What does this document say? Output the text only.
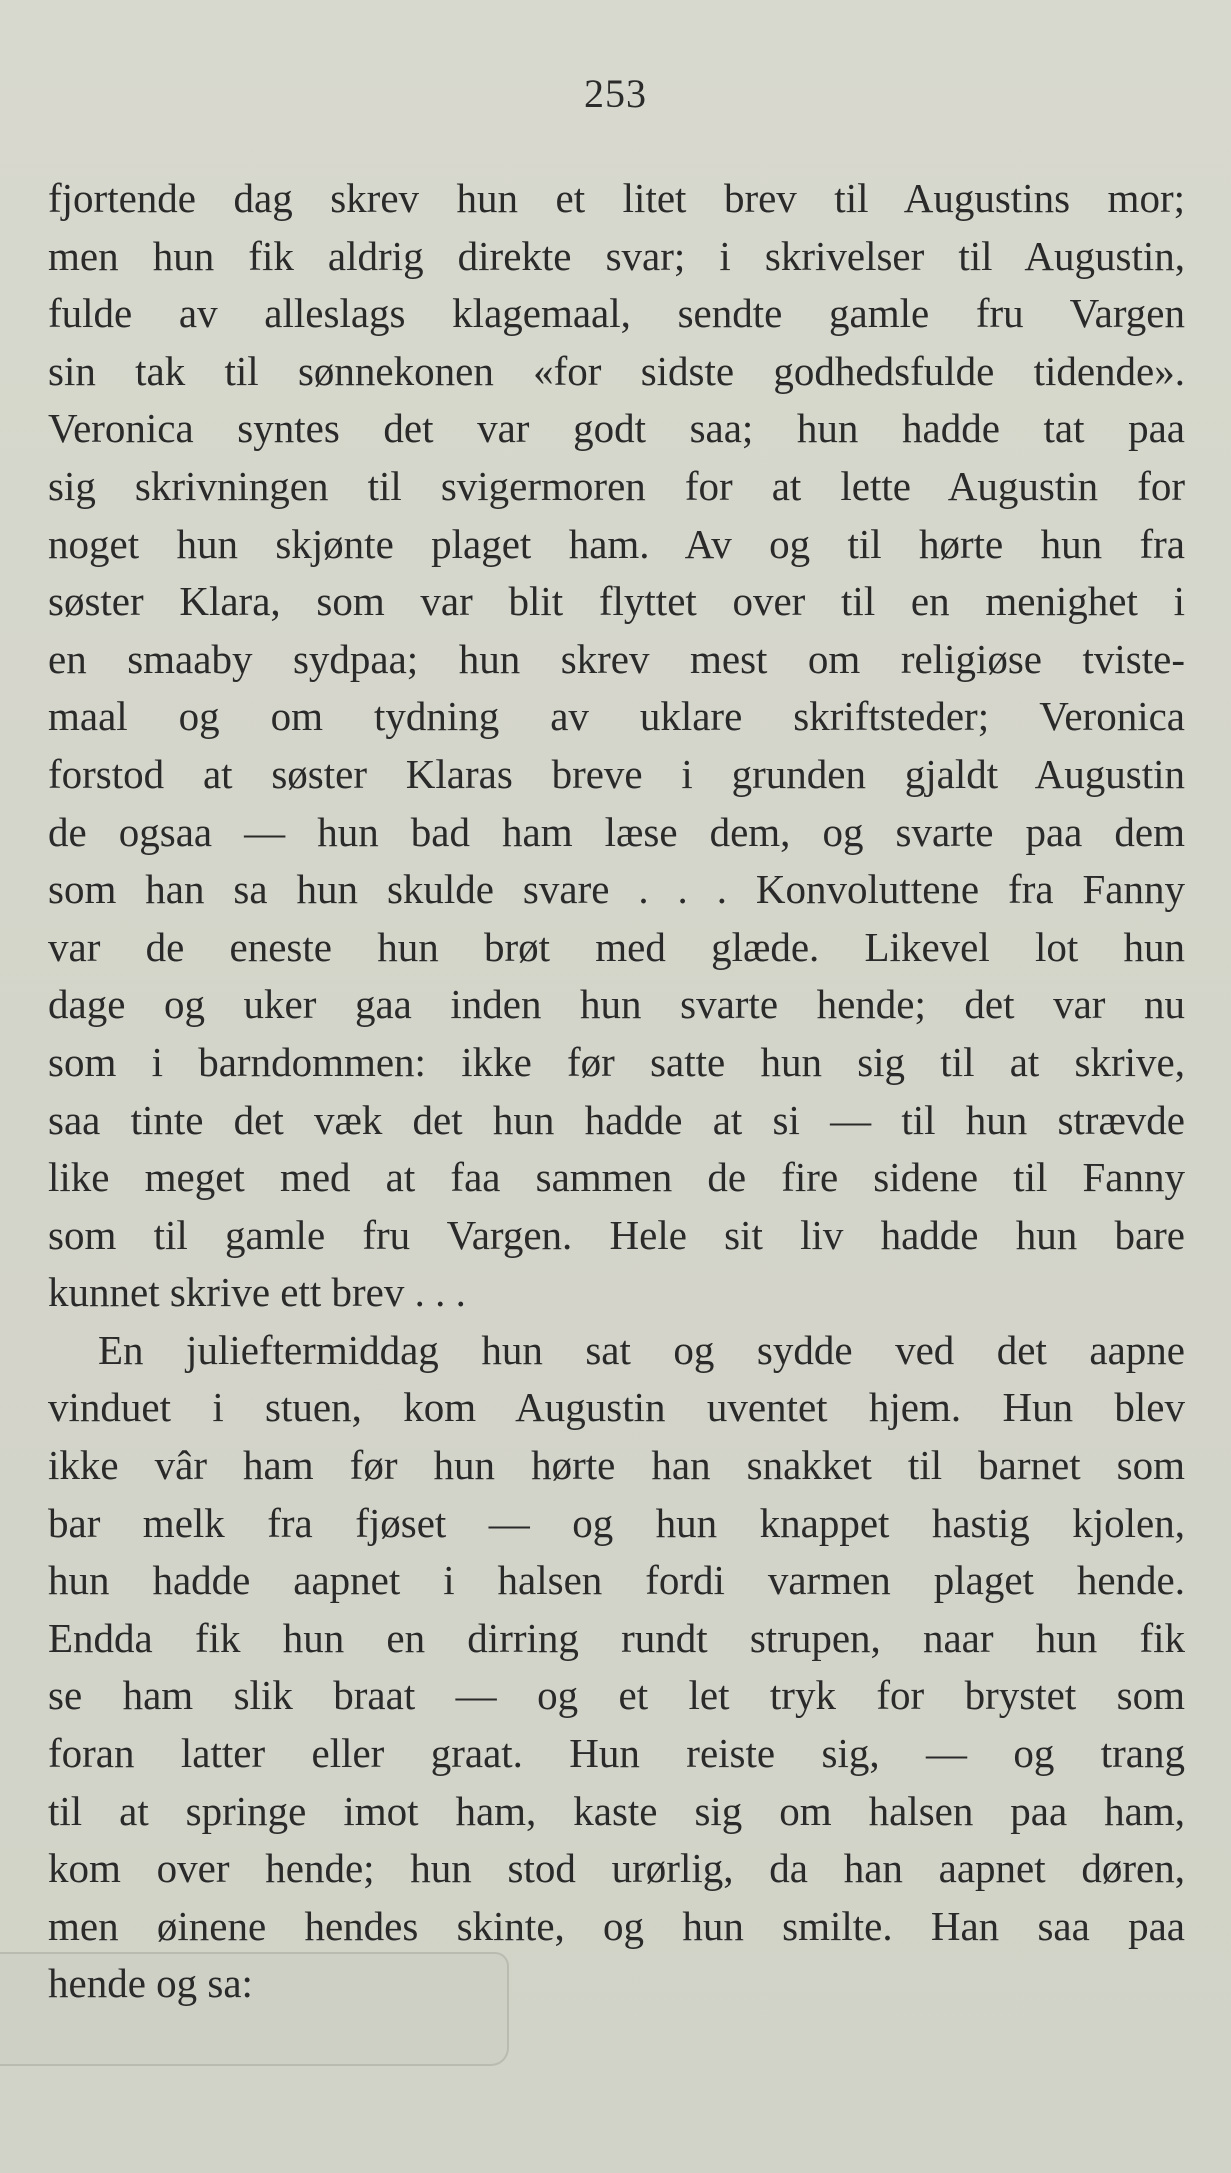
253
fjortende dag skrev hun et litet brev til Augustins mor;
men hun fik aldrig direkte svar; i skrivelser til Augustin,
fulde av alleslags klagemaal, sendte gamle fru Vargen
sin tak til sønnekonen «for sidste godhedsfulde tidende».
Veronica syntes det var godt saa; hun hadde tat paa
sig skrivningen til svigermoren for at lette Augustin for
noget hun skjønte plaget ham. Av og til hørte hun fra
søster Klara, som var blit flyttet over til en menighet i
en smaaby sydpaa; hun skrev mest om religiøse tviste-
maal og om tydning av uklare skriftsteder; Veronica
forstod at søster Klaras breve i grunden gjaldt Augustin
de ogsaa — hun bad ham læse dem, og svarte paa dem
som han sa hun skulde svare . . . Konvoluttene fra Fanny
var de eneste hun brøt med glæde. Likevel lot hun
dage og uker gaa inden hun svarte hende; det var nu
som i barndommen: ikke før satte hun sig til at skrive,
saa tinte det væk det hun hadde at si — til hun strævde
like meget med at faa sammen de fire sidene til Fanny
som til gamle fru Vargen. Hele sit liv hadde hun bare
kunnet skrive ett brev . . .
En julieftermiddag hun sat og sydde ved det aapne
vinduet i stuen, kom Augustin uventet hjem. Hun blev
ikke vâr ham før hun hørte han snakket til barnet som
bar melk fra fjøset — og hun knappet hastig kjolen,
hun hadde aapnet i halsen fordi varmen plaget hende.
Endda fik hun en dirring rundt strupen, naar hun fik
se ham slik braat — og et let tryk for brystet som
foran latter eller graat. Hun reiste sig, — og trang
til at springe imot ham, kaste sig om halsen paa ham,
kom over hende; hun stod urørlig, da han aapnet døren,
men øinene hendes skinte, og hun smilte. Han saa paa
hende og sa:
